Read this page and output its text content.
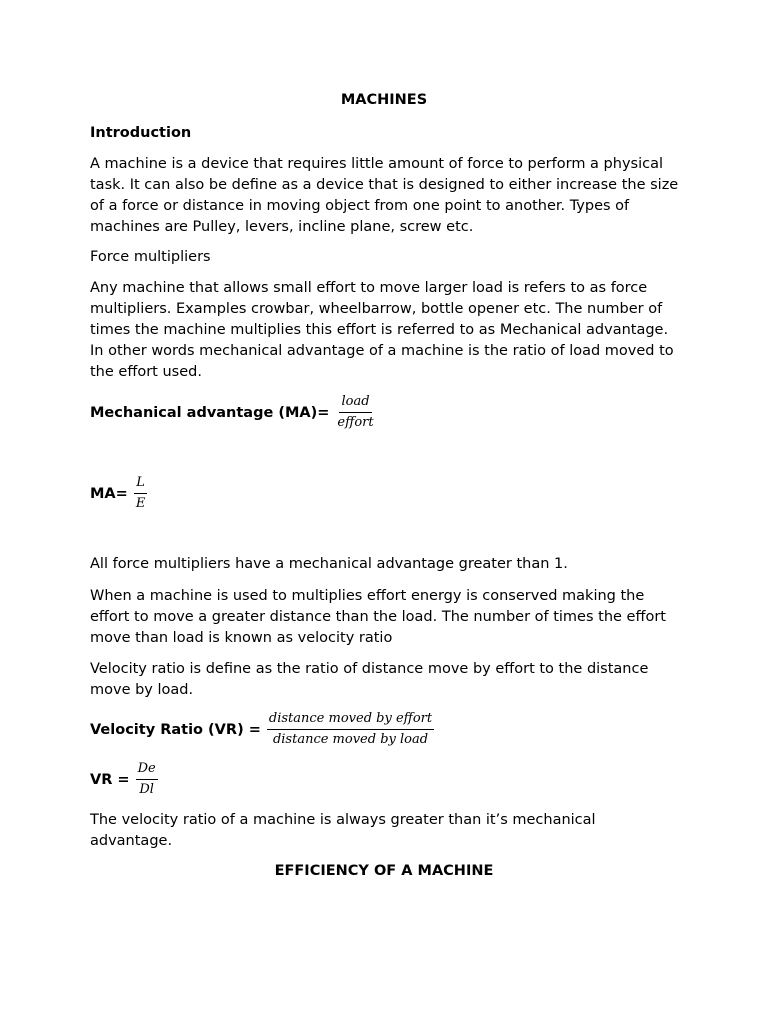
MACHINES
Introduction

A machine is a device that requires little amount of force to perform a physical task. It can also be define as a device that is designed to either increase the size of a force or distance in moving object from one point to another. Types of machines are Pulley, levers, incline plane, screw etc.

Force multipliers

Any machine that allows small effort to move larger load is refers to as force multipliers. Examples crowbar, wheelbarrow, bottle opener etc. The number of times the machine multiplies this effort is referred to as Mechanical advantage. In other words mechanical advantage of a machine is the ratio of load moved to the effort used.

Mechanical advantage $(MA)= \frac{\text{load}}{\text{effort}}$
$MA= \frac{L}{E}$

All force multipliers have a mechanical advantage greater than 1.

When a machine is used to multiplies effort energy is conserved making the effort to move a greater distance than the load. The number of times the effort move than load is known as velocity ratio

Velocity ratio is define as the ratio of distance move by effort to the distance move by load.

Velocity Ratio $(VR) = \frac{\text{distance moved by effort}}{\text{distance moved by load}}$
VR = $\frac{De}{Dl}$

The velocity ratio of a machine is always greater than it’s mechanical advantage.

EFFICIENCY OF A MACHINE
